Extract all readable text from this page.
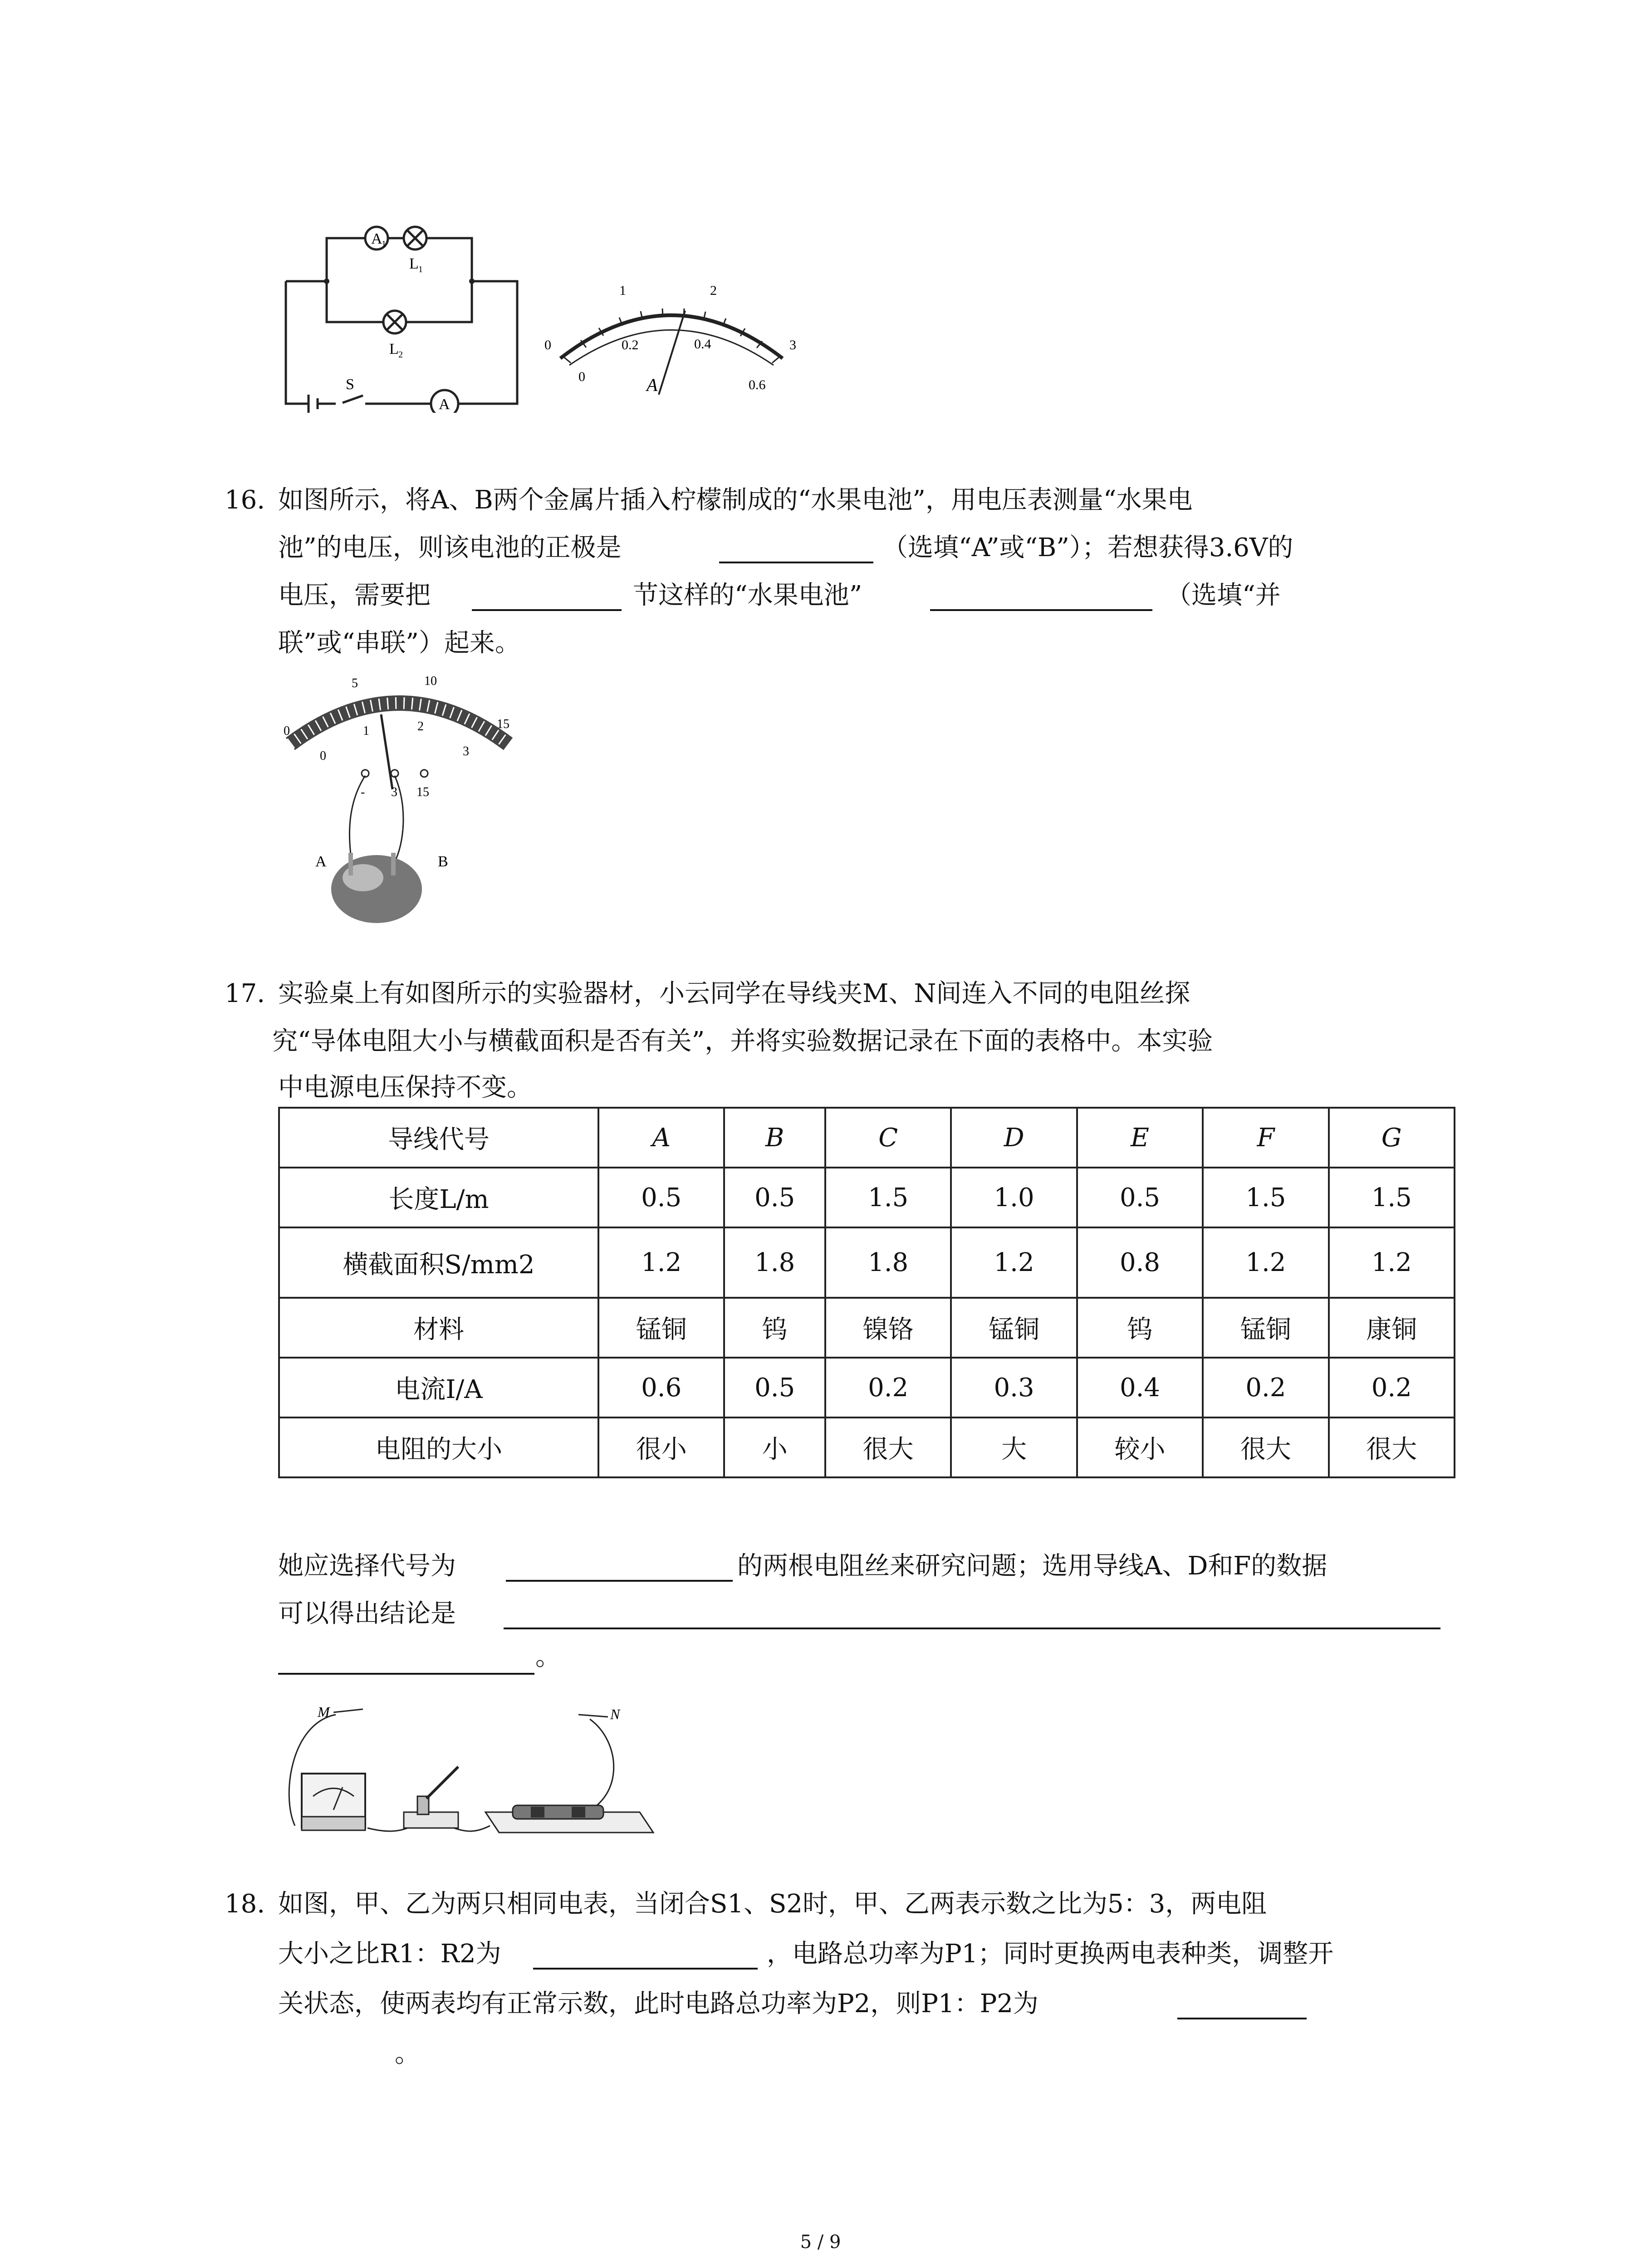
A
1
L 1
L 2
S
A
0
1	2
3
0
0.2	0.4
0.6
A
16. 如图所示，将A、B两个金属片插入柠檬制成的“水果电池”，用电压表测量“水果电
池”的电压，则该电池的正极是	（选填“A”或“B”）；若想获得3.6V的
电压，需要把	节这样的“水果电池”	（选填“并
联”或“串联”）起来。
0
5	10
15
0
1	2
3
- 3 15
A	B
17. 实验桌上有如图所示的实验器材，小云同学在导线夹M、N间连入不同的电阻丝探
究“导体电阻大小与横截面积是否有关”，并将实验数据记录在下面的表格中。本实验
中电源电压保持不变。
导线代号	A	B	C	D	E	F	G
长度L/m	0.5	0.5	1.5	1.0	0.5	1.5	1.5
横截面积S/mm2	1.2	1.8	1.8	1.2	0.8	1.2	1.2
材料	锰铜	钨	镍铬	锰铜	钨	锰铜	康铜
电流I/A	0.6	0.5	0.2	0.3	0.4	0.2	0.2
电阻的大小	很小	小	很大	大	较小	很大	很大
她应选择代号为	的两根电阻丝来研究问题；选用导线A、D和F的数据
可以得出结论是
。
M	N
18. 如图，甲、乙为两只相同电表，当闭合S1、S2时，甲、乙两表示数之比为5：3，两电阻
大小之比R1：R2为	，电路总功率为P1；同时更换两电表种类，调整开
关状态，使两表均有正常示数，此时电路总功率为P2，则P1：P2为
。
5 / 9
